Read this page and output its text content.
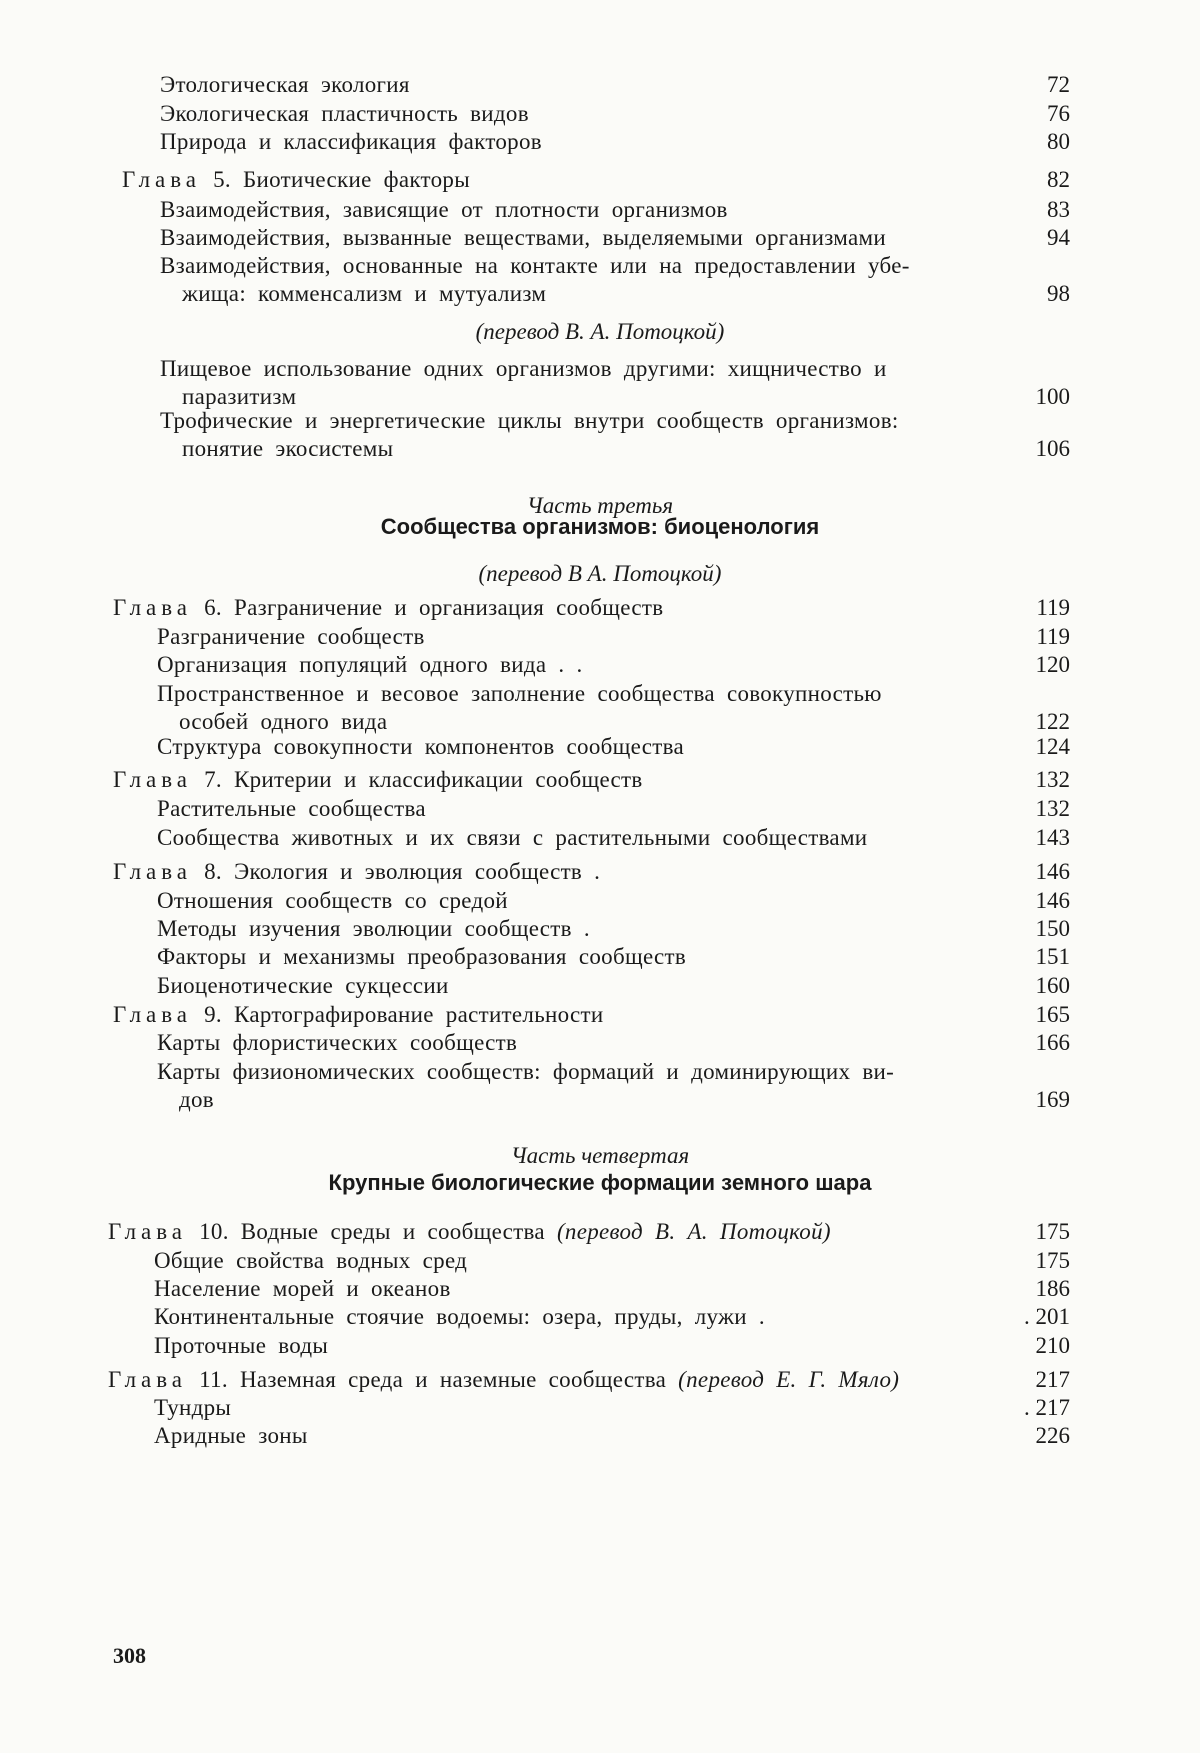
Этологическая экология	72
Экологическая пластичность видов	76
Природа и классификация факторов	80
Глава 5. Биотические факторы	82
Взаимодействия, зависящие от плотности организмов	83
Взаимодействия, вызванные веществами, выделяемыми организмами	94
Взаимодействия, основанные на контакте или на предоставлении убе-
жища: комменсализм и мутуализм	98
Пищевое использование одних организмов другими: хищничество и
паразитизм	100
Трофические и энергетические циклы внутри сообществ организмов:
понятие экосистемы	106
Глава 6. Разграничение и организация сообществ	119
Разграничение сообществ	119
Организация популяций одного вида . .	120
Пространственное и весовое заполнение сообщества совокупностью
особей одного вида	122
Структура совокупности компонентов сообщества	124
Глава 7. Критерии и классификации сообществ	132
Растительные сообщества	132
Сообщества животных и их связи с растительными сообществами	143
Глава 8. Экология и эволюция сообществ .	146
Отношения сообществ со средой	146
Методы изучения эволюции сообществ .	150
Факторы и механизмы преобразования сообществ	151
Биоценотические сукцессии	160
Глава 9. Картографирование растительности	165
Карты флористических сообществ	166
Карты физиономических сообществ: формаций и доминирующих ви-
дов	169
Глава 10. Водные среды и сообщества (перевод В. А. Потоцкой)	175
Общие свойства водных сред	175
Население морей и океанов	186
Континентальные стоячие водоемы: озера, пруды, лужи .	. 201
Проточные воды	210
Глава 11. Наземная среда и наземные сообщества (перевод Е. Г. Мяло)	217
Тундры	. 217
Аридные зоны	226
(перевод В. А. Потоцкой)
Часть третья
Сообщества организмов: биоценология
(перевод В А. Потоцкой)
Часть четвертая
Крупные биологические формации земного шара
308
